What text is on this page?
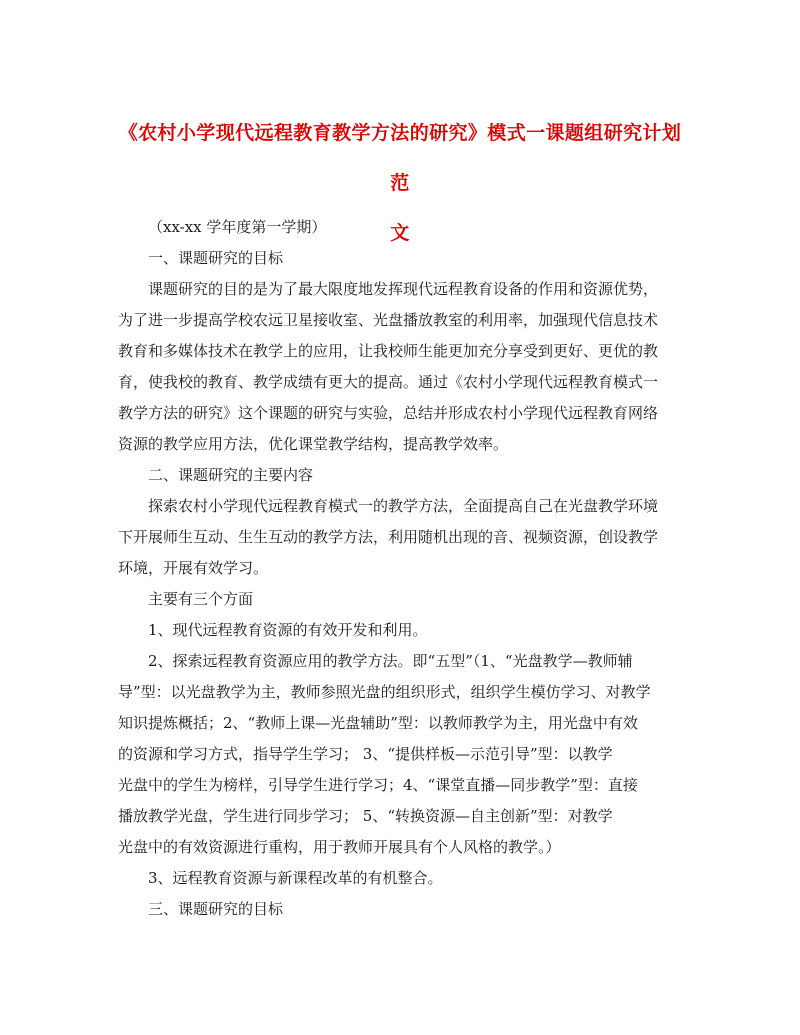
《农村小学现代远程教育教学方法的研究》模式一课题组研究计划范
文
（xx-xx 学年度第一学期）
一、课题研究的目标
课题研究的目的是为了最大限度地发挥现代远程教育设备的作用和资源优势，
为了进一步提高学校农远卫星接收室、光盘播放教室的利用率，加强现代信息技术
教育和多媒体技术在教学上的应用，让我校师生能更加充分享受到更好、更优的教
育，使我校的教育、教学成绩有更大的提高。通过《农村小学现代远程教育模式一
教学方法的研究》这个课题的研究与实验，总结并形成农村小学现代远程教育网络
资源的教学应用方法，优化课堂教学结构，提高教学效率。
二、课题研究的主要内容
探索农村小学现代远程教育模式一的教学方法，全面提高自己在光盘教学环境
下开展师生互动、生生互动的教学方法，利用随机出现的音、视频资源，创设教学
环境，开展有效学习。
主要有三个方面
1、现代远程教育资源的有效开发和利用。
2、探索远程教育资源应用的教学方法。即“五型”（1、“光盘教学—教师辅
导”型：以光盘教学为主，教师参照光盘的组织形式，组织学生模仿学习、对教学
知识提炼概括；2、“教师上课—光盘辅助”型：以教师教学为主，用光盘中有效
的资源和学习方式，指导学生学习； 3、“提供样板—示范引导”型：以教学
光盘中的学生为榜样，引导学生进行学习；4、“课堂直播—同步教学”型：直接
播放教学光盘，学生进行同步学习； 5、“转换资源—自主创新”型：对教学
光盘中的有效资源进行重构，用于教师开展具有个人风格的教学。）
3、远程教育资源与新课程改革的有机整合。
三、课题研究的目标
